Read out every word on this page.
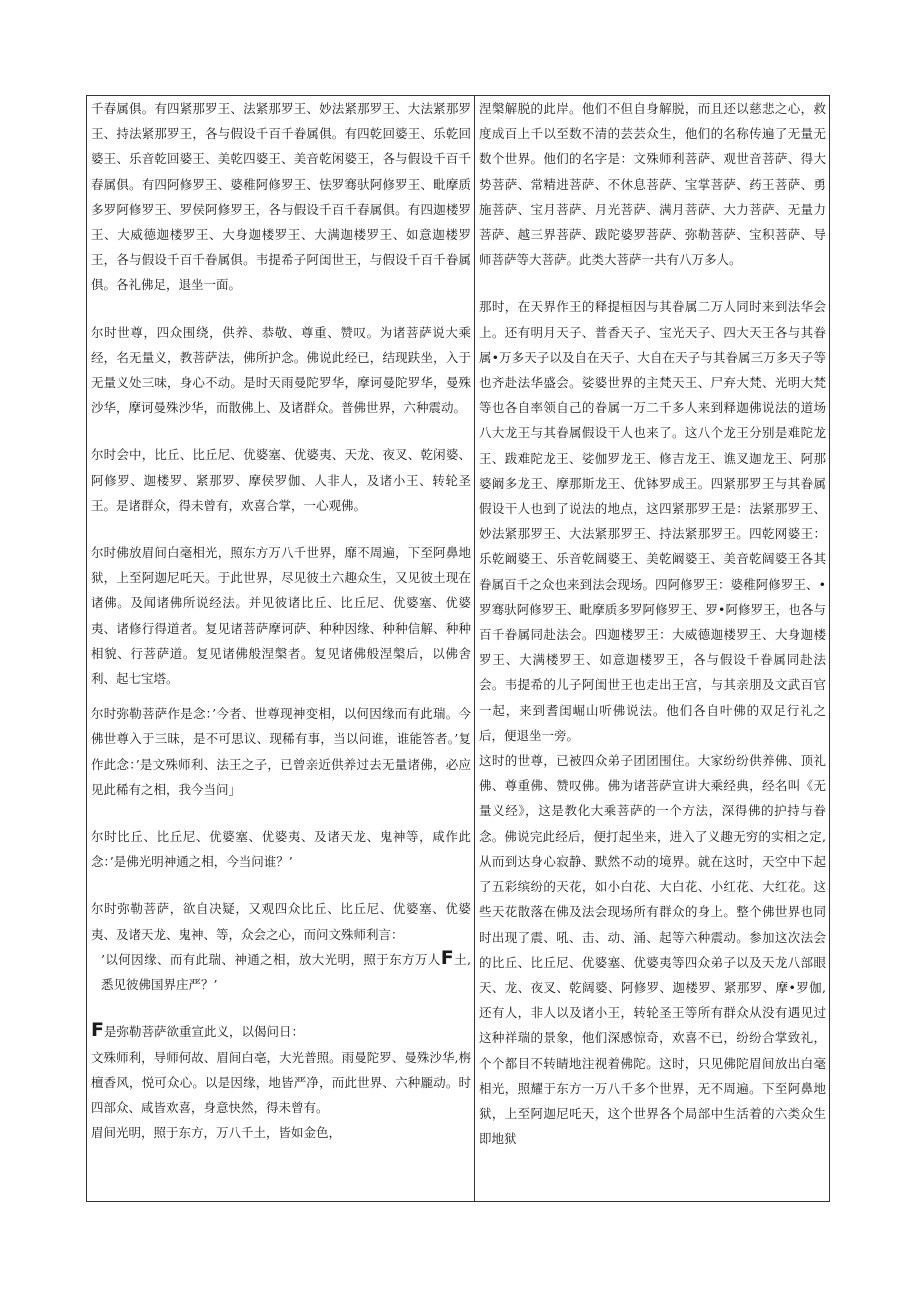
千春属俱。有四紧那罗王、法紧那罗王、妙法紧那罗王、大法紧那罗王、持法紧那罗王，各与假设千百千眷属俱。有四乾回婆王、乐乾回婆王、乐音乾回婆王、美乾四婆王、美音乾闲婆王，各与假设千百千春属俱。有四阿修罗王、婆稚阿修罗王、怯罗骞驮阿修罗王、毗摩质多罗阿修罗王、罗侯阿修罗王，各与假设千百千春属俱。有四迦楼罗王、大威德迦楼罗王、大身迦楼罗王、大满迦楼罗王、如意迦楼罗王，各与假设千百千眷属俱。韦提希子阿闺世王，与假设千百千眷属俱。各礼佛足，退坐一面。

尔时世尊，四众围绕，供养、恭敬、尊重、赞叹。为诸菩萨说大乘经，名无量义，教菩萨法，佛所护念。佛说此经已，结现趺坐，入于无量义处三味，身心不动。是时天雨曼陀罗华，摩诃曼陀罗华，曼殊沙华，摩诃曼殊沙华，而散佛上、及诸群众。普佛世界，六种震动。

尔时会中，比丘、比丘尼、优婆塞、优婆夷、天龙、夜叉、乾闲婆、阿修罗、迦楼罗、紧那罗、摩侯罗伽、人非人，及诸小王、转轮圣王。是诸群众，得未曾有，欢喜合掌，一心观佛。

尔时佛放眉间白毫相光，照东方万八千世界，靡不周遍，下至阿鼻地狱，上至阿迦尼吒天。于此世界，尽见彼土六趣众生，又见彼土现在诸佛。及闻诸佛所说经法。并见彼诸比丘、比丘尼、优婆塞、优婆夷、诸修行得道者。复见诸菩萨摩诃萨、种种因缘、种种信解、种种相貌、行菩萨道。复见诸佛般涅槃者。复见诸佛般涅槃后，以佛舍利、起七宝塔。

尔时弥勒菩萨作是念：’今者、世尊现神变相，以何因缘而有此瑞。今佛世尊入于三昧，是不可思议、现稀有事，当以问谁，谁能答者。’复作此念：’是文殊师利、法王之子，已曾亲近供养过去无量诸佛，必应见此稀有之相，我今当问」

尔时比丘、比丘尼、优婆塞、优婆夷、及诸天龙、鬼神等，咸作此念：’是佛光明神通之相，今当问谁？’

尔时弥勒菩萨，欲自决疑，又观四众比丘、比丘尼、优婆塞、优婆夷、及诸天龙、鬼神、等，众会之心，而问文殊师利言：

’以何因缘、而有此瑞、神通之相，放大光明，照于东方万人F土,悉见彼佛国界庄严？’

F是弥勒菩萨欲重宣此义，以偈问日：

文殊师利，导师何故、眉间白亳，大光普照。雨曼陀罗、曼殊沙华,栴檀香风，悦可众心。以是因缘，地皆严净，而此世界、六种龎动。时四部众、咸皆欢喜，身意快然，得未曾有。

眉间光明，照于东方，万八千土，皆如金色，

涅槃解脱的此岸。他们不但自身解脱，而且还以慈悲之心，救度成百上千以至数不清的芸芸众生，他们的名称传遍了无量无数个世界。他们的名字是：文殊师利菩萨、观世音菩萨、得大势菩萨、常精进菩萨、不休息菩萨、宝掌菩萨、药王菩萨、勇施菩萨、宝月菩萨、月光菩萨、满月菩萨、大力菩萨、无量力菩萨、越三界菩萨、跋陀婆罗菩萨、弥勒菩萨、宝积菩萨、导师菩萨等大菩萨。此类大菩萨一共有八万多人。

那时，在天界作王的释提桓因与其眷属二万人同时来到法华会上。还有明月天子、普香天子、宝光天子、四大天王各与其眷属•万多天子以及自在天子、大自在天子与其眷属三万多天子等也齐赴法华盛会。娑婆世界的主梵天王、尸弃大梵、光明大梵等也各自率领自己的眷属一万二千多人来到释迦佛说法的道场八大龙王与其眷属假设干人也来了。这八个龙王分别是难陀龙王、跋难陀龙王、娑伽罗龙王、修吉龙王、谯叉迦龙王、阿那婆阚多龙王、摩那斯龙王、优钵罗成王。四紧那罗王与其眷属假设干人也到了说法的地点，这四紧那罗王是：法紧那罗王、妙法紧那罗王、大法紧那罗王、持法紧那罗王。四乾网婆王：乐乾阚婆王、乐音乾阔婆王、美乾阚婆王、美音乾阔婆王各其眷属百千之众也来到法会现场。四阿修罗王：婆稚阿修罗王、•罗骞驮阿修罗王、毗摩质多罗阿修罗王、罗•阿修罗王，也各与百千眷属同赴法会。四迦楼罗王：大威德迦楼罗王、大身迦楼罗王、大满楼罗王、如意迦楼罗王，各与假设千眷属同赴法会。韦提希的儿子阿闺世王也走出王宫，与其亲朋及文武百官一起，来到耆闺崛山听佛说法。他们各自叶佛的双足行礼之后，便退坐一旁。

这时的世尊，已被四众弟子团团围住。大家纷纷供养佛、顶礼佛、尊重佛、赞叹佛。佛为诸菩萨宣讲大乘经典，经名叫《无量义经》，这是教化大乘菩萨的一个方法，深得佛的护持与眷念。佛说完此经后，便打起坐来，进入了义趣无穷的实相之定,从而到达身心寂静、默然不动的境界。就在这时，天空中下起了五彩缤纷的天花，如小白花、大白花、小红花、大红花。这些天花散落在佛及法会现场所有群众的身上。整个佛世界也同时出现了震、吼、击、动、涌、起等六种震动。参加这次法会的比丘、比丘尼、优婆塞、优婆夷等四众弟子以及天龙八部眼天、龙、夜叉、乾阔婆、阿修罗、迦楼罗、紧那罗、摩•罗伽,还有人，非人以及诸小王，转轮圣王等所有群众从没有遇见过这种祥瑞的景象，他们深感惊奇，欢喜不已，纷纷合掌致礼，个个都目不转睛地注视着佛陀。这时，只见佛陀眉间放出白毫相光，照耀于东方一万八千多个世界，无不周遍。下至阿鼻地狱，上至阿迦尼吒天，这个世界各个局部中生活着的六类众生即地狱
